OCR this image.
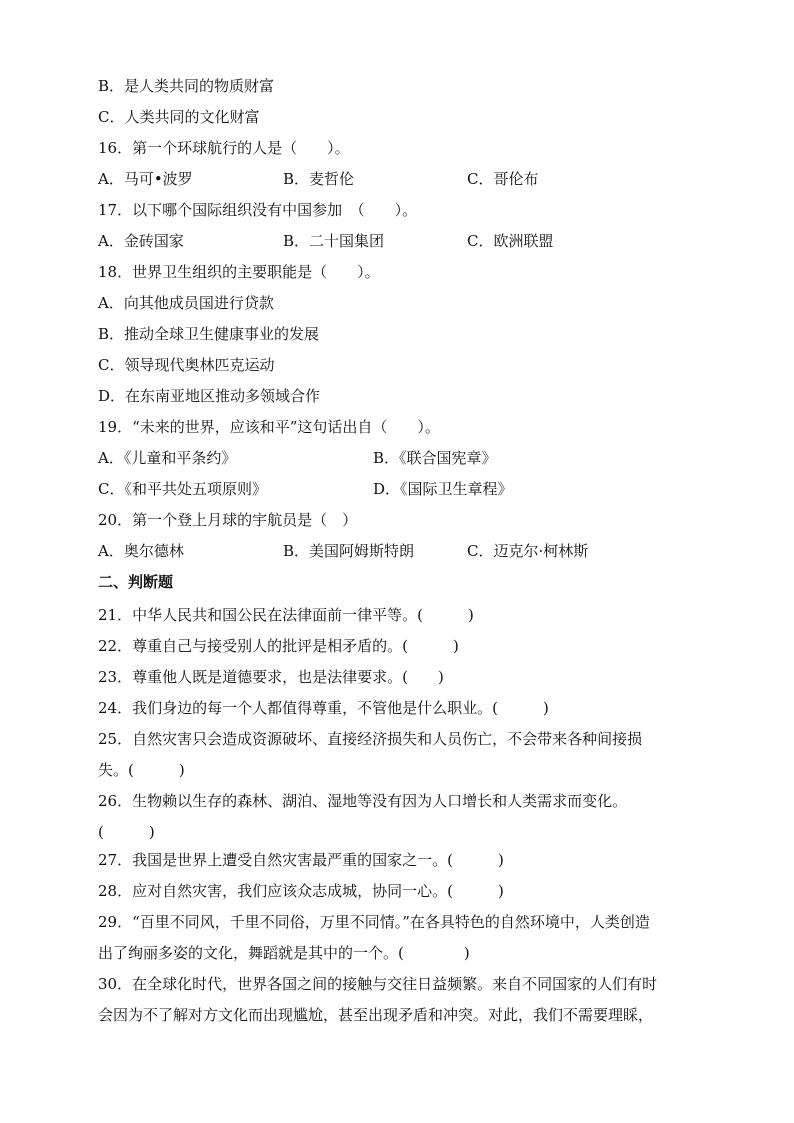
B．是人类共同的物质财富
C．人类共同的文化财富
16．第一个环球航行的人是（　　）。
A．马可•波罗	B．麦哲伦	C．哥伦布
17．以下哪个国际组织没有中国参加　（　　）。
A．金砖国家	B．二十国集团	C．欧洲联盟
18．世界卫生组织的主要职能是（　　）。
A．向其他成员国进行贷款
B．推动全球卫生健康事业的发展
C．领导现代奥林匹克运动
D．在东南亚地区推动多领域合作
19．“未来的世界，应该和平”这句话出自（　　）。
A．《儿童和平条约》	B．《联合国宪章》
C．《和平共处五项原则》	D．《国际卫生章程》
20．第一个登上月球的宇航员是（　）
A．奥尔德林	B．美国阿姆斯特朗	C．迈克尔·柯林斯
二、判断题
21．中华人民共和国公民在法律面前一律平等。(　　　)
22．尊重自己与接受别人的批评是相矛盾的。(　　　)
23．尊重他人既是道德要求，也是法律要求。(　　)
24．我们身边的每一个人都值得尊重，不管他是什么职业。(　　　)
25．自然灾害只会造成资源破坏、直接经济损失和人员伤亡，不会带来各种间接损
失。(　　　)
26．生物赖以生存的森林、湖泊、湿地等没有因为人口增长和人类需求而变化。
(　　　)
27．我国是世界上遭受自然灾害最严重的国家之一。(　　　)
28．应对自然灾害，我们应该众志成城，协同一心。(　　　)
29．“百里不同风，千里不同俗，万里不同情。”在各具特色的自然环境中，人类创造
出了绚丽多姿的文化，舞蹈就是其中的一个。(　　　　)
30．在全球化时代，世界各国之间的接触与交往日益频繁。来自不同国家的人们有时
会因为不了解对方文化而出现尴尬，甚至出现矛盾和冲突。对此，我们不需要理睬，
